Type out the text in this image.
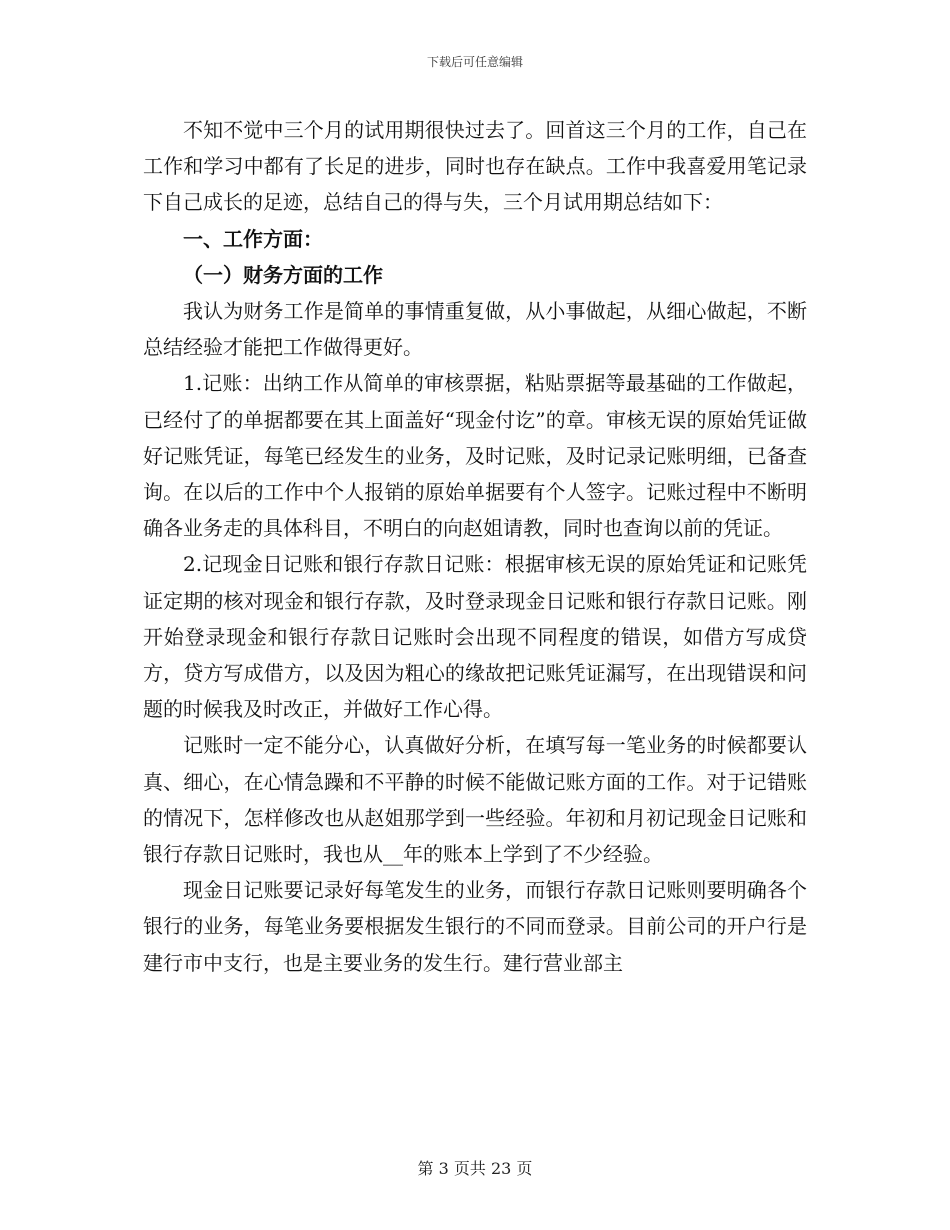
下载后可任意编辑

不知不觉中三个月的试用期很快过去了。回首这三个月的工作，自己在工作和学习中都有了长足的进步，同时也存在缺点。工作中我喜爱用笔记录下自己成长的足迹，总结自己的得与失，三个月试用期总结如下：

一、工作方面：

（一）财务方面的工作

我认为财务工作是简单的事情重复做，从小事做起，从细心做起，不断总结经验才能把工作做得更好。

1.记账：出纳工作从简单的审核票据，粘贴票据等最基础的工作做起，已经付了的单据都要在其上面盖好“现金付讫”的章。审核无误的原始凭证做好记账凭证，每笔已经发生的业务，及时记账，及时记录记账明细，已备查询。在以后的工作中个人报销的原始单据要有个人签字。记账过程中不断明确各业务走的具体科目，不明白的向赵姐请教，同时也查询以前的凭证。

2.记现金日记账和银行存款日记账：根据审核无误的原始凭证和记账凭证定期的核对现金和银行存款，及时登录现金日记账和银行存款日记账。刚开始登录现金和银行存款日记账时会出现不同程度的错误，如借方写成贷方，贷方写成借方，以及因为粗心的缘故把记账凭证漏写，在出现错误和问题的时候我及时改正，并做好工作心得。

记账时一定不能分心，认真做好分析，在填写每一笔业务的时候都要认真、细心，在心情急躁和不平静的时候不能做记账方面的工作。对于记错账的情况下，怎样修改也从赵姐那学到一些经验。年初和月初记现金日记账和银行存款日记账时，我也从__年的账本上学到了不少经验。

现金日记账要记录好每笔发生的业务，而银行存款日记账则要明确各个银行的业务，每笔业务要根据发生银行的不同而登录。目前公司的开户行是建行市中支行，也是主要业务的发生行。建行营业部主

第 3 页共 23 页
